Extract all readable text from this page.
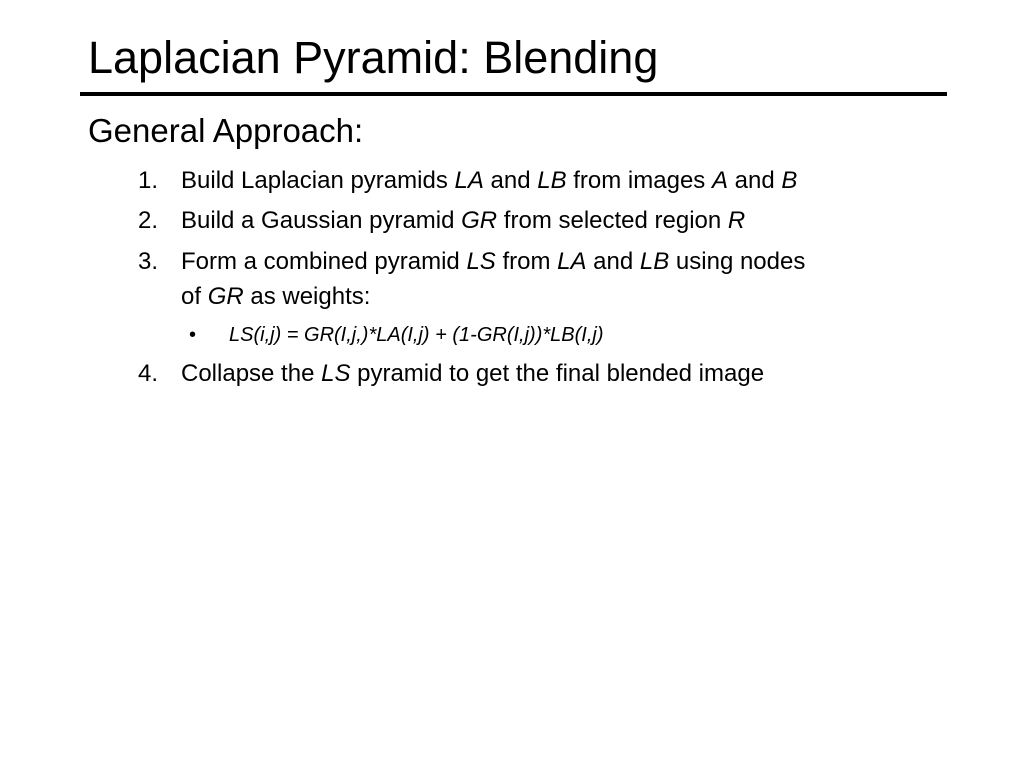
Laplacian Pyramid: Blending
General Approach:
1. Build Laplacian pyramids LA and LB from images A and B
2. Build a Gaussian pyramid GR from selected region R
3. Form a combined pyramid LS from LA and LB using nodes
of GR as weights:
• LS(i,j) = GR(I,j,)*LA(I,j) + (1-GR(I,j))*LB(I,j)
4. Collapse the LS pyramid to get the final blended image
